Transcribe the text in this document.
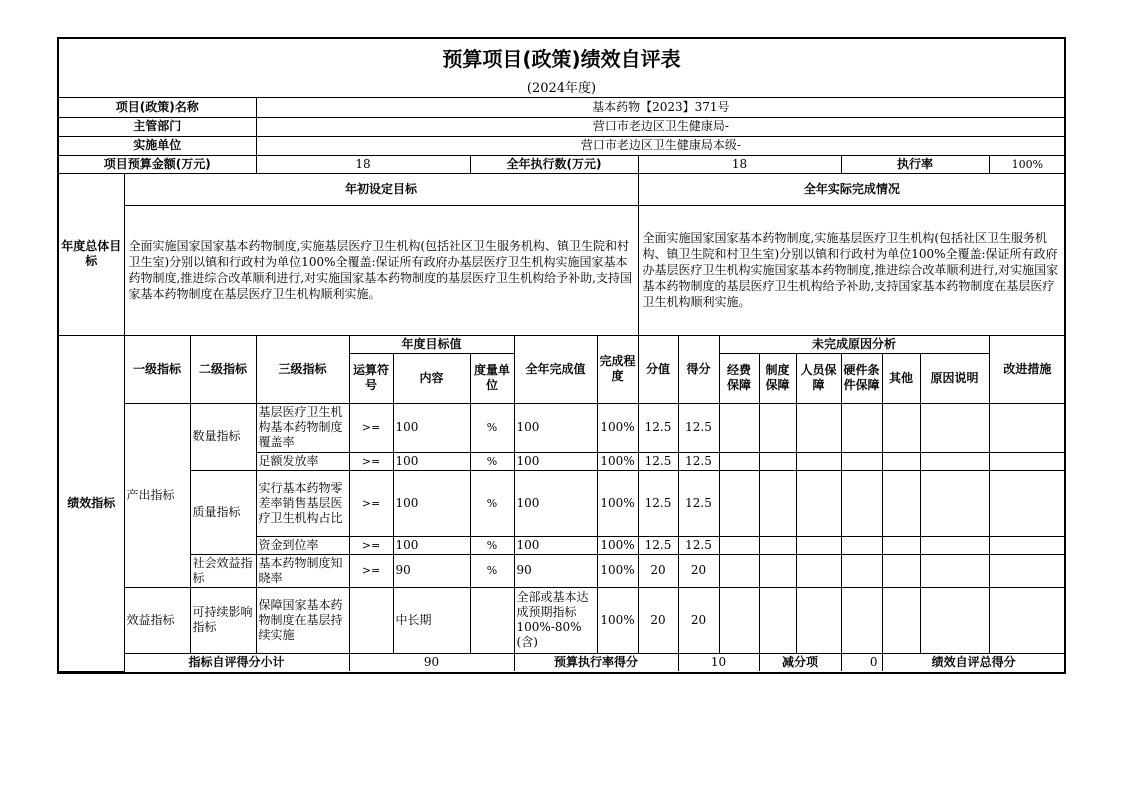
预算项目(政策)绩效自评表
(2024年度)
项目(政策)名称			基本药物【2023】371号															
主管部门			营口市老边区卫生健康局-															
实施单位			营口市老边区卫生健康局本级-															
项目预算金额(万元)			18			全年执行数(万元)			18					执行率			100%	
年度总体目标	年初设定目标								全年实际完成情况									
	全面实施国家国家基本药物制度,实施基层医疗卫生机构(包括社区卫生服务机构、镇卫生院和村卫生室)分别以镇和行政村为单位100%全覆盖:保证所有政府办基层医疗卫生机构实施国家基本药物制度,推进综合改革顺利进行,对实施国家基本药物制度的基层医疗卫生机构给予补助,支持国家基本药物制度在基层医疗卫生机构顺利实施。								全面实施国家国家基本药物制度,实施基层医疗卫生机构(包括社区卫生服务机构、镇卫生院和村卫生室)分别以镇和行政村为单位100%全覆盖:保证所有政府办基层医疗卫生机构实施国家基本药物制度,推进综合改革顺利进行,对实施国家基本药物制度的基层医疗卫生机构给予补助,支持国家基本药物制度在基层医疗卫生机构顺利实施。									
绩效指标	一级指标	二级指标	三级指标	年度目标值			全年完成值	完成程度	分值	得分	未完成原因分析						改进措施	
				运算符号	内容	度量单位					经费保障	制度保障	人员保障	硬件条件保障	其他	原因说明		
	产出指标	数量指标	基层医疗卫生机构基本药物制度覆盖率	>=	100	%	100	100%	12.5	12.5								
			足额发放率	>=	100	%	100	100%	12.5	12.5								
		质量指标	实行基本药物零差率销售基层医疗卫生机构占比	>=	100	%	100	100%	12.5	12.5								
			资金到位率	>=	100	%	100	100%	12.5	12.5								
		社会效益指标	基本药物制度知晓率	>=	90	%	90	100%	20	20								
	效益指标	可持续影响指标	保障国家基本药物制度在基层持续实施		中长期		全部或基本达成预期指标100%-80%(含)	100%	20	20								
	指标自评得分小计			90			预算执行率得分			10		减分项		0	绩效自评总得分	
